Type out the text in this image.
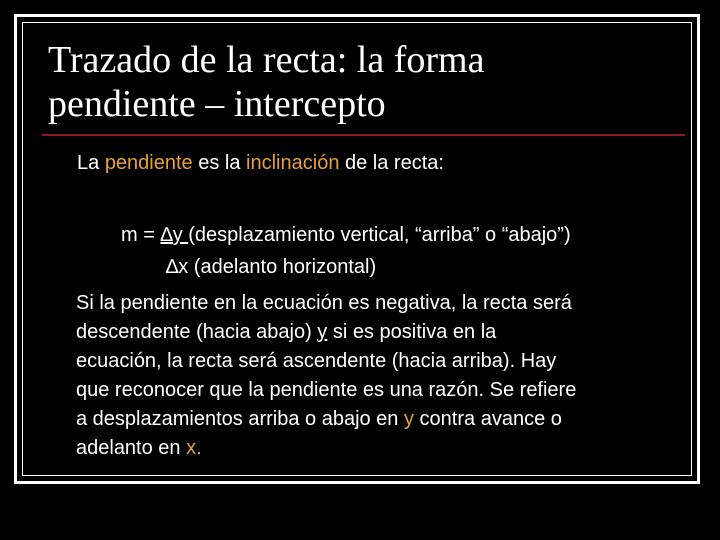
Trazado de la recta: la forma
pendiente – intercepto

La pendiente es la inclinación de la recta:

m = ∆y (desplazamiento vertical, “arriba” o “abajo”)

∆x (adelanto horizontal)

Si la pendiente en la ecuación es negativa, la recta será
descendente (hacia abajo) y si es positiva en la
ecuación, la recta será ascendente (hacia arriba). Hay
que reconocer que la pendiente es una razón. Se refiere
a desplazamientos arriba o abajo en y contra avance o
adelanto en x.
